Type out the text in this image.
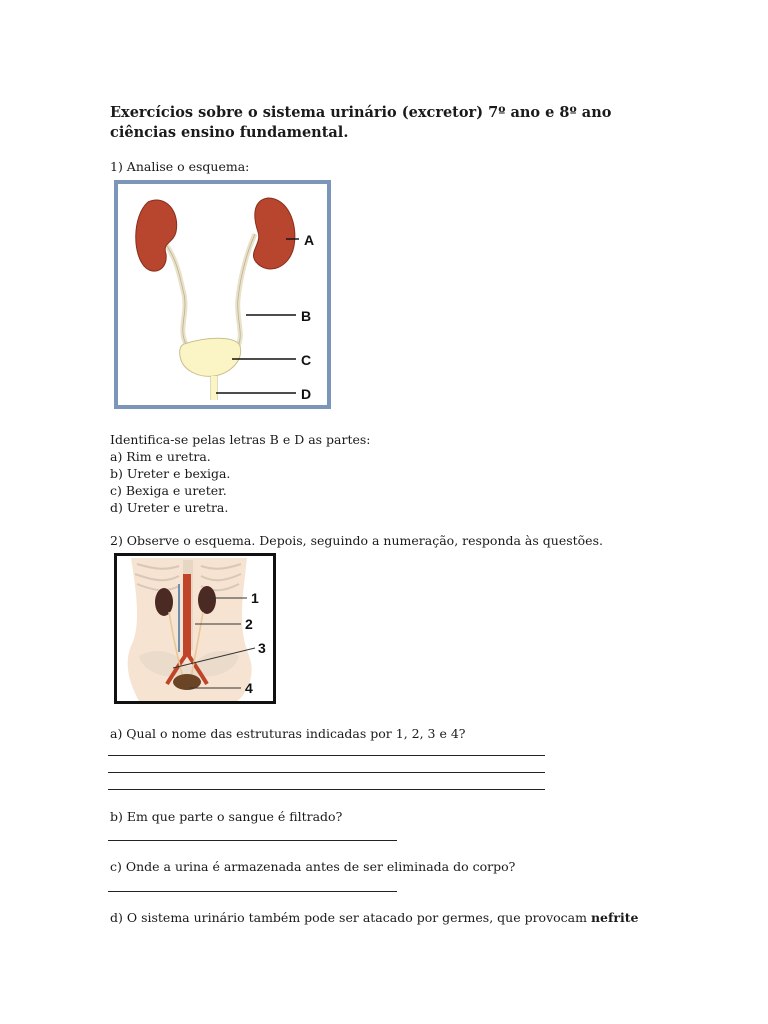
Exercícios sobre o sistema urinário (excretor) 7º ano e 8º ano ciências ensino fundamental.
1) Analise o esquema:
A
B
C
D
Identifica-se pelas letras B e D as partes:
a) Rim e uretra.
b) Ureter e bexiga.
c) Bexiga e ureter.
d) Ureter e uretra.
2) Observe o esquema. Depois, seguindo a numeração, responda às questões.
1
2
3
4
a) Qual o nome das estruturas indicadas por 1, 2, 3 e 4?
b) Em que parte o sangue é filtrado?
c) Onde a urina é armazenada antes de ser eliminada do corpo?
d) O sistema urinário também pode ser atacado por germes, que provocam nefrite
